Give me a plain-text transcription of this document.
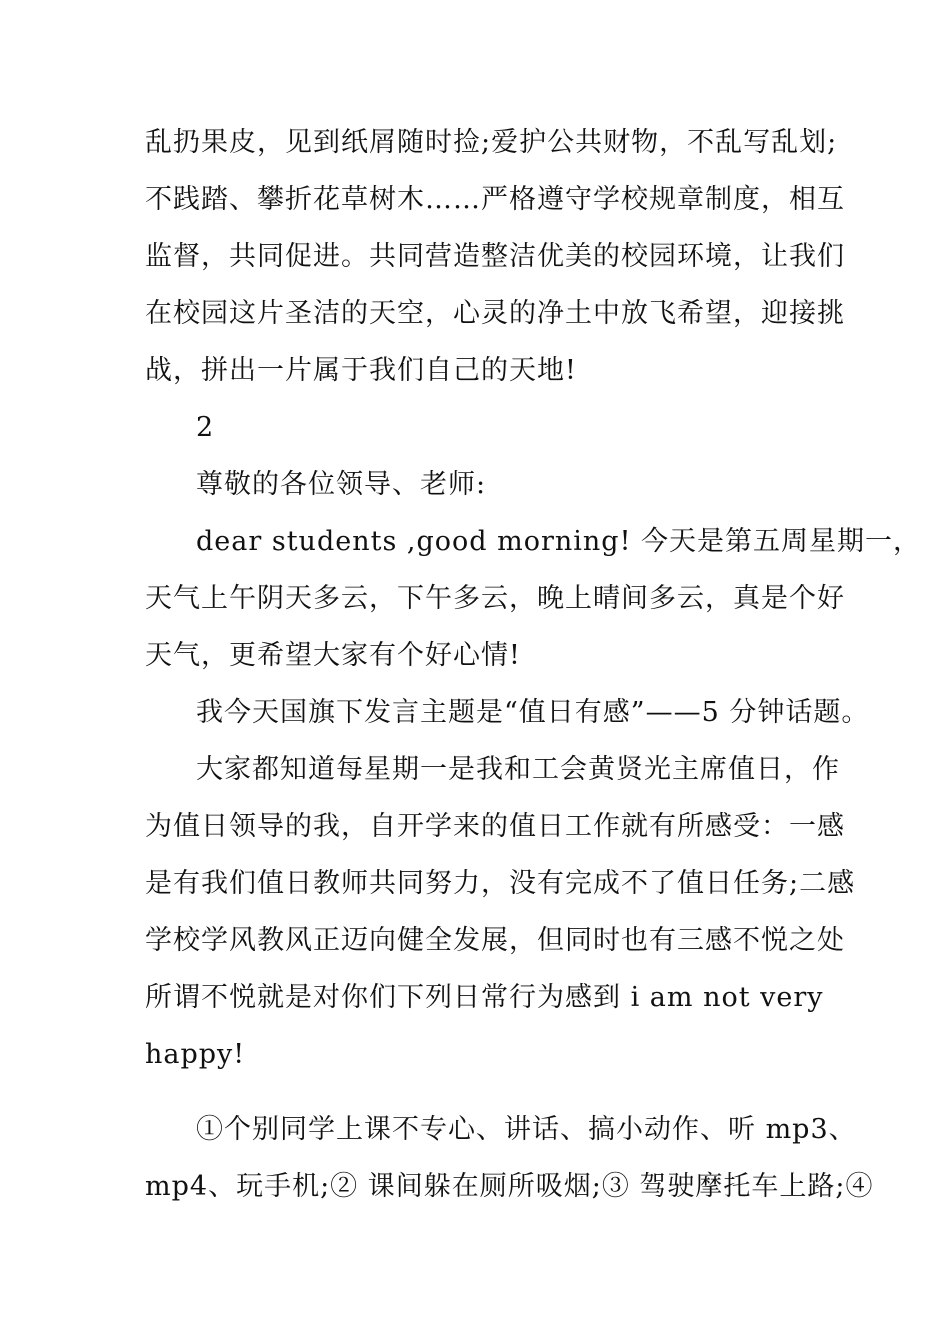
乱扔果皮，见到纸屑随时捡;爱护公共财物，不乱写乱划;
不践踏、攀折花草树木……严格遵守学校规章制度，相互
监督，共同促进。共同营造整洁优美的校园环境，让我们
在校园这片圣洁的天空，心灵的净土中放飞希望，迎接挑
战，拼出一片属于我们自己的天地!
2
尊敬的各位领导、老师:
dear students ,good morning! 今天是第五周星期一，
天气上午阴天多云，下午多云，晚上晴间多云，真是个好
天气，更希望大家有个好心情!
我今天国旗下发言主题是“值日有感”——5 分钟话题。
大家都知道每星期一是我和工会黄贤光主席值日，作
为值日领导的我，自开学来的值日工作就有所感受：一感
是有我们值日教师共同努力，没有完成不了值日任务;二感
学校学风教风正迈向健全发展，但同时也有三感不悦之处
所谓不悦就是对你们下列日常行为感到 i am not very
happy!
①个别同学上课不专心、讲话、搞小动作、听 mp3、
mp4、玩手机;② 课间躲在厕所吸烟;③ 驾驶摩托车上路;④
